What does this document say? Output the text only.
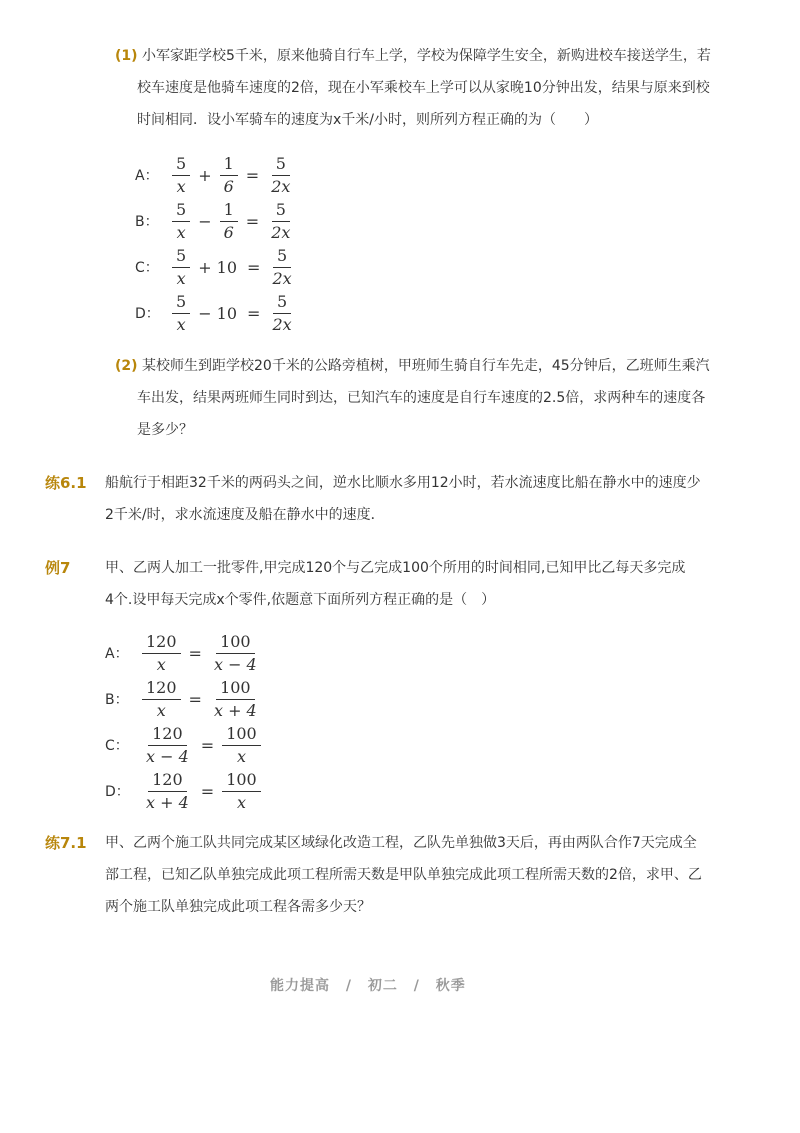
(1) 小军家距学校5千米，原来他骑自行车上学，学校为保障学生安全，新购进校车接送学生，若
校车速度是他骑车速度的2倍，现在小军乘校车上学可以从家晚10分钟出发，结果与原来到校
时间相同．设小军骑车的速度为x千米/小时，则所列方程正确的为（　　）
A： $\frac{5}{x} + \frac{1}{6} = \frac{5}{2x}$
B： $\frac{5}{x} - \frac{1}{6} = \frac{5}{2x}$
C： $\frac{5}{x} + 10 = \frac{5}{2x}$
D： $\frac{5}{x} - 10 = \frac{5}{2x}$
(2) 某校师生到距学校20千米的公路旁植树，甲班师生骑自行车先走，45分钟后，乙班师生乘汽
车出发，结果两班师生同时到达，已知汽车的速度是自行车速度的2.5倍，求两种车的速度各
是多少？
练6.1 船航行于相距32千米的两码头之间，逆水比顺水多用12小时，若水流速度比船在静水中的速度少
2千米/时，求水流速度及船在静水中的速度．
例7 甲、乙两人加工一批零件,甲完成120个与乙完成100个所用的时间相同,已知甲比乙每天多完成
4个.设甲每天完成x个零件,依题意下面所列方程正确的是（　）
A： $\frac{120}{x} = \frac{100}{x - 4}$
B： $\frac{120}{x} = \frac{100}{x + 4}$
C： $\frac{120}{x - 4} = \frac{100}{x}$
D： $\frac{120}{x + 4} = \frac{100}{x}$
练7.1 甲、乙两个施工队共同完成某区域绿化改造工程，乙队先单独做3天后，再由两队合作7天完成全
部工程，已知乙队单独完成此项工程所需天数是甲队单独完成此项工程所需天数的2倍，求甲、乙
两个施工队单独完成此项工程各需多少天？
能力提高 / 初二 / 秋季
